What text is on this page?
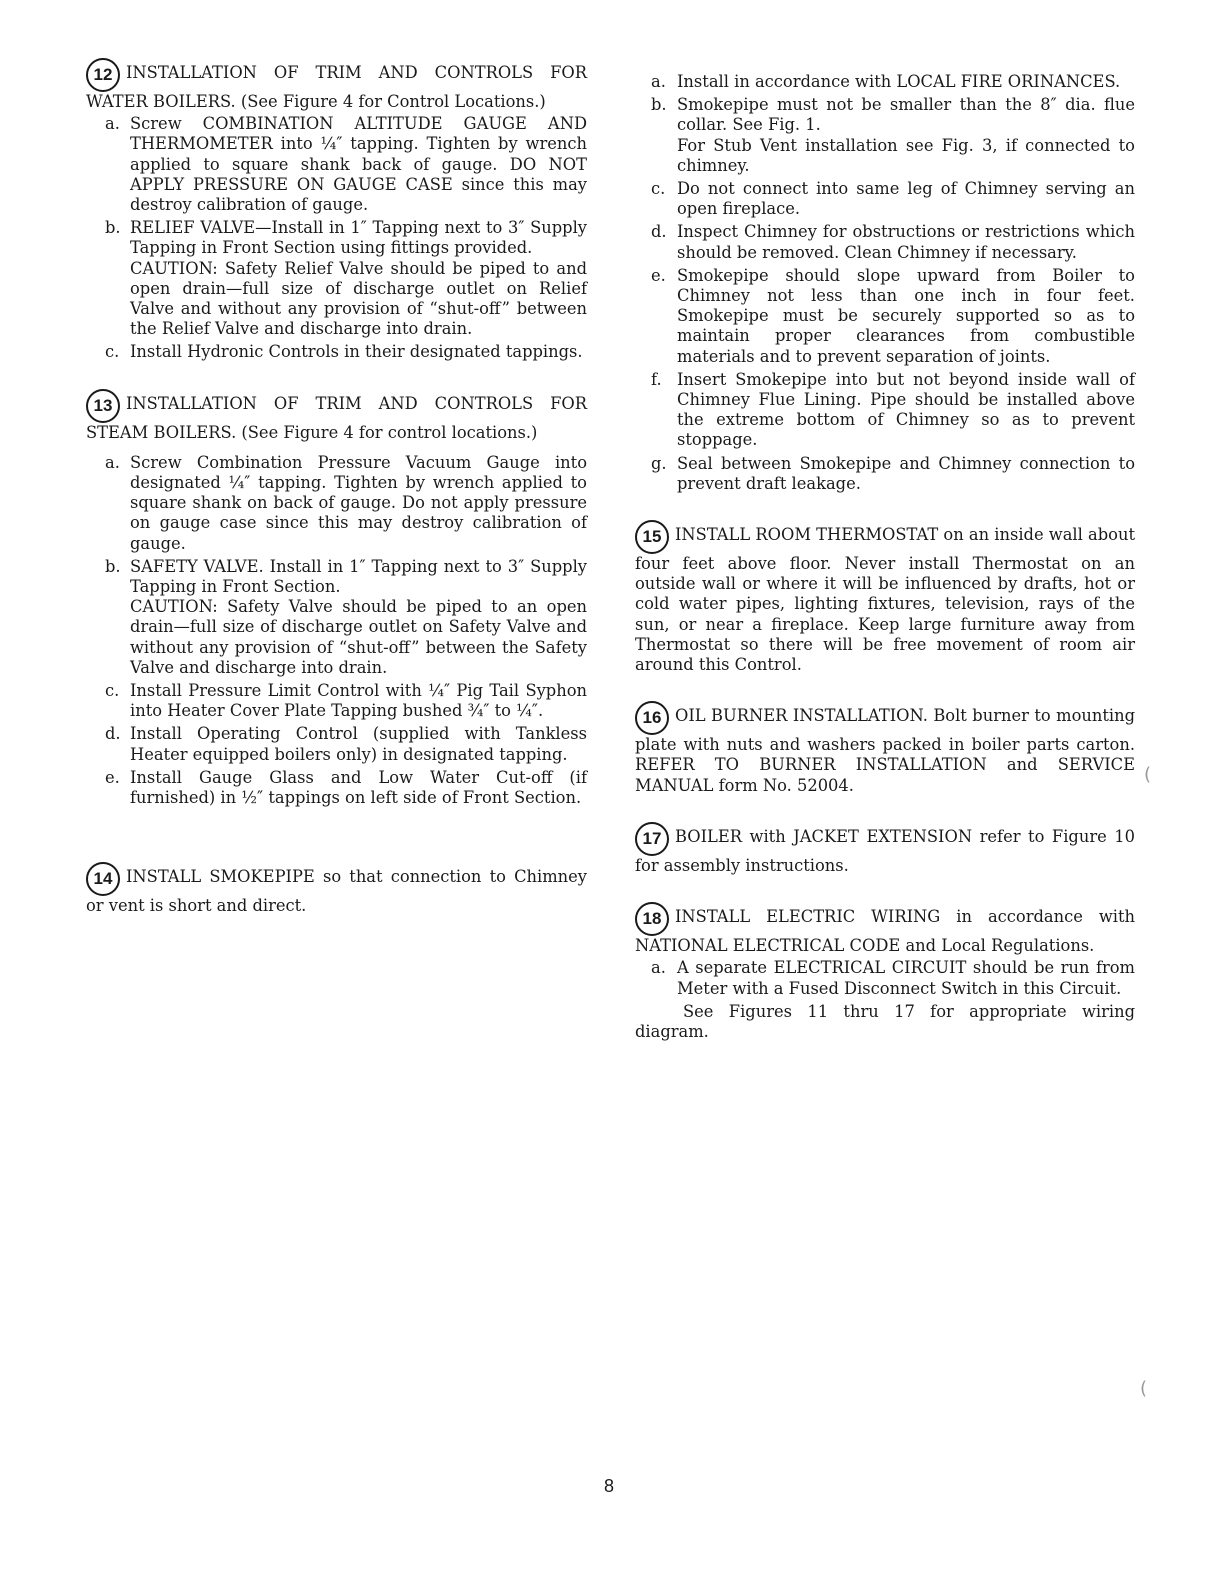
12 INSTALLATION OF TRIM AND CONTROLS FOR WATER BOILERS. (See Figure 4 for Control Locations.)
a. Screw COMBINATION ALTITUDE GAUGE AND THERMOMETER into ¼″ tapping. Tighten by wrench applied to square shank back of gauge. DO NOT APPLY PRESSURE ON GAUGE CASE since this may destroy calibration of gauge.
b. RELIEF VALVE—Install in 1″ Tapping next to 3″ Supply Tapping in Front Section using fittings provided.
CAUTION: Safety Relief Valve should be piped to and open drain—full size of discharge outlet on Relief Valve and without any provision of “shut-off” between the Relief Valve and discharge into drain.
c. Install Hydronic Controls in their designated tappings.
13 INSTALLATION OF TRIM AND CONTROLS FOR STEAM BOILERS. (See Figure 4 for control locations.)
a. Screw Combination Pressure Vacuum Gauge into designated ¼″ tapping. Tighten by wrench applied to square shank on back of gauge. Do not apply pressure on gauge case since this may destroy calibration of gauge.
b. SAFETY VALVE. Install in 1″ Tapping next to 3″ Supply Tapping in Front Section.
CAUTION: Safety Valve should be piped to an open drain—full size of discharge outlet on Safety Valve and without any provision of “shut-off” between the Safety Valve and discharge into drain.
c. Install Pressure Limit Control with ¼″ Pig Tail Syphon into Heater Cover Plate Tapping bushed ¾″ to ¼″.
d. Install Operating Control (supplied with Tankless Heater equipped boilers only) in designated tapping.
e. Install Gauge Glass and Low Water Cut-off (if furnished) in ½″ tappings on left side of Front Section.
14 INSTALL SMOKEPIPE so that connection to Chimney or vent is short and direct.
a. Install in accordance with LOCAL FIRE ORINANCES.
b. Smokepipe must not be smaller than the 8″ dia. flue collar. See Fig. 1.
For Stub Vent installation see Fig. 3, if connected to chimney.
c. Do not connect into same leg of Chimney serving an open fireplace.
d. Inspect Chimney for obstructions or restrictions which should be removed. Clean Chimney if necessary.
e. Smokepipe should slope upward from Boiler to Chimney not less than one inch in four feet. Smokepipe must be securely supported so as to maintain proper clearances from combustible materials and to prevent separation of joints.
f. Insert Smokepipe into but not beyond inside wall of Chimney Flue Lining. Pipe should be installed above the extreme bottom of Chimney so as to prevent stoppage.
g. Seal between Smokepipe and Chimney connection to prevent draft leakage.
15 INSTALL ROOM THERMOSTAT on an inside wall about four feet above floor. Never install Thermostat on an outside wall or where it will be influenced by drafts, hot or cold water pipes, lighting fixtures, television, rays of the sun, or near a fireplace. Keep large furniture away from Thermostat so there will be free movement of room air around this Control.
16 OIL BURNER INSTALLATION. Bolt burner to mounting plate with nuts and washers packed in boiler parts carton. REFER TO BURNER INSTALLATION and SERVICE MANUAL form No. 52004.
17 BOILER with JACKET EXTENSION refer to Figure 10 for assembly instructions.
18 INSTALL ELECTRIC WIRING in accordance with NATIONAL ELECTRICAL CODE and Local Regulations.
a. A separate ELECTRICAL CIRCUIT should be run from Meter with a Fused Disconnect Switch in this Circuit.
See Figures 11 thru 17 for appropriate wiring diagram.
(
(
8
